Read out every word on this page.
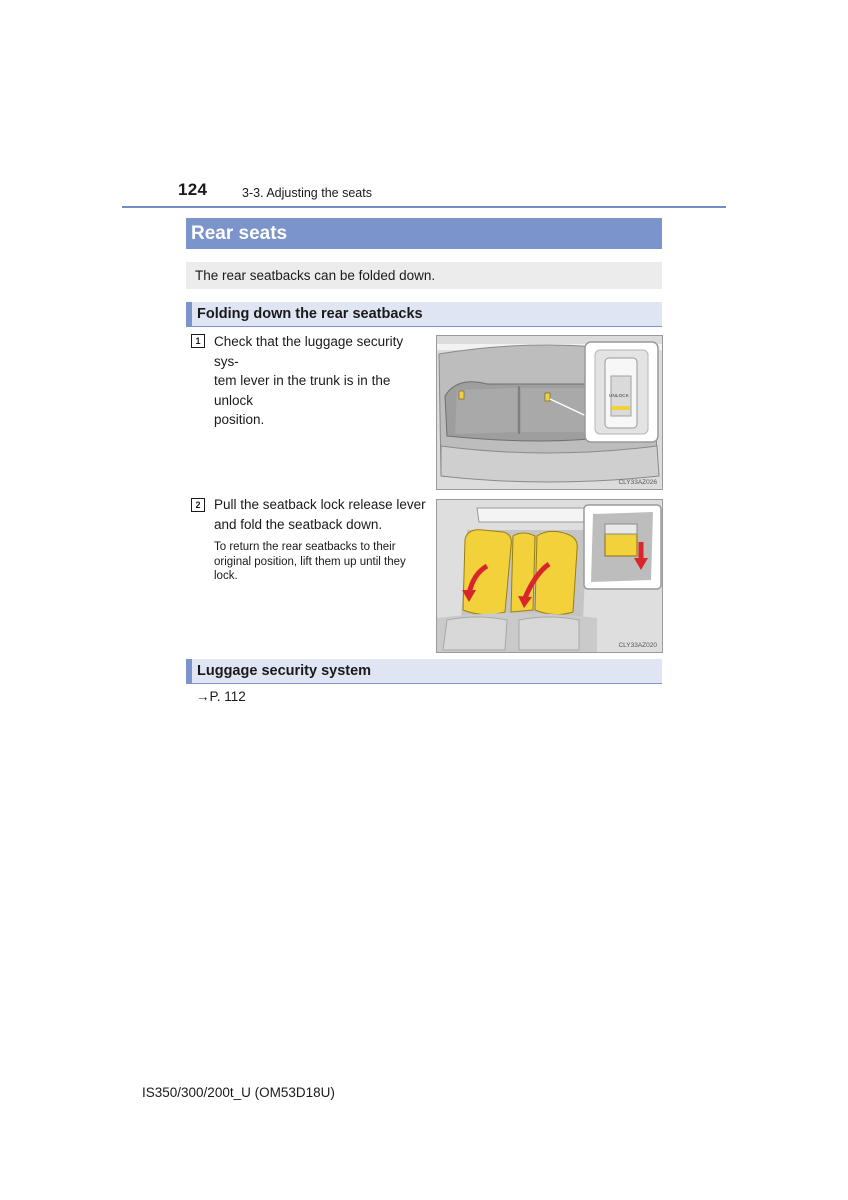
124	3-3. Adjusting the seats
Rear seats
The rear seatbacks can be folded down.
Folding down the rear seatbacks
1	Check that the luggage security sys-
tem lever in the trunk is in the unlock
position.
UNLOCK
CLY33AZ026
2	Pull the seatback lock release lever
and fold the seatback down.
To return the rear seatbacks to their
original position, lift them up until they
lock.
CLY33AZ020
Luggage security system
→P. 112
IS350/300/200t_U (OM53D18U)
